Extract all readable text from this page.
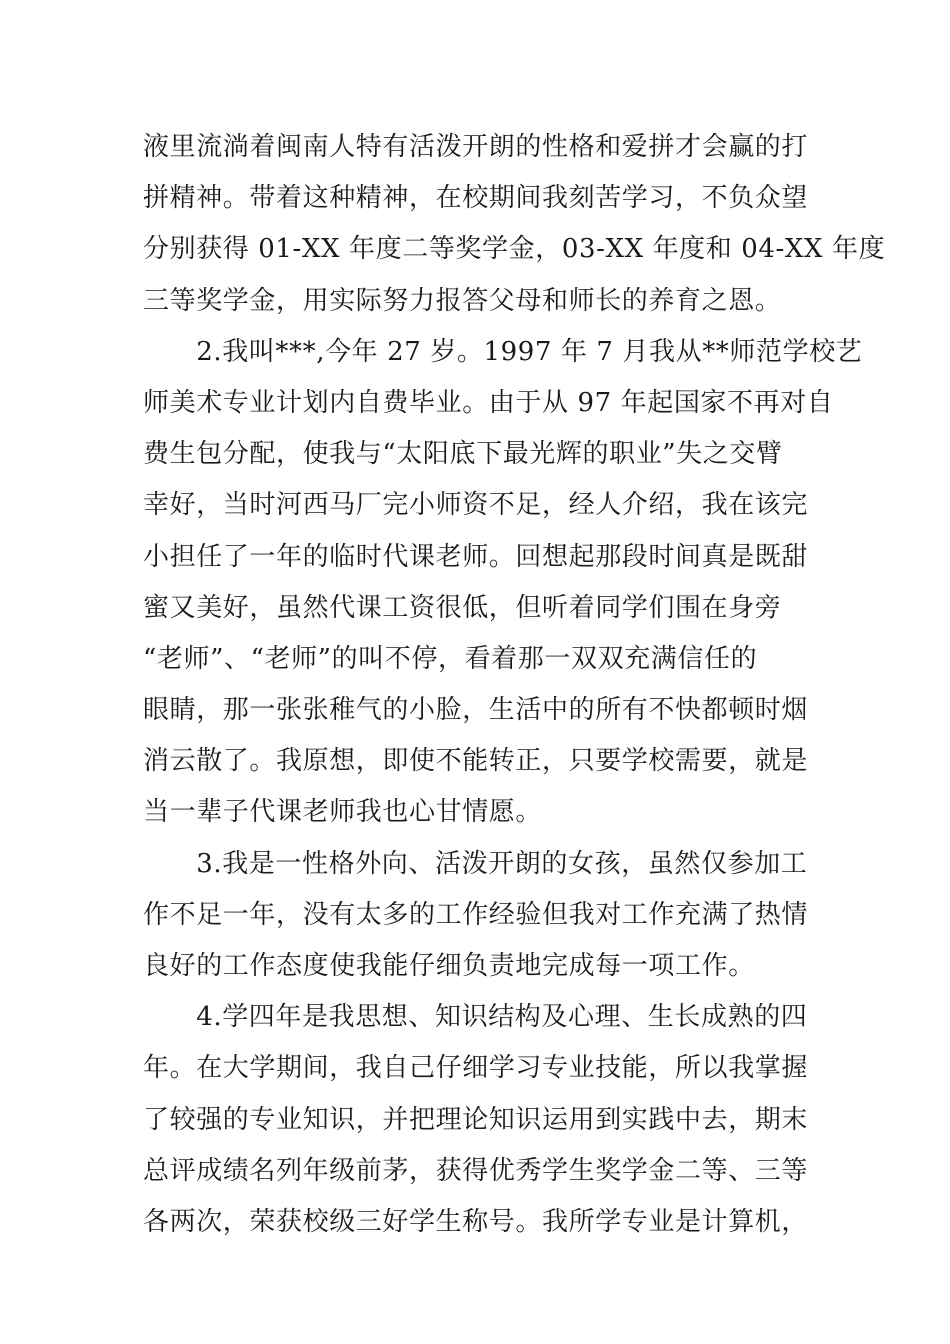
液里流淌着闽南人特有活泼开朗的性格和爱拼才会赢的打
拼精神。带着这种精神，在校期间我刻苦学习，不负众望
分别获得 01-XX 年度二等奖学金，03-XX 年度和 04-XX 年度
三等奖学金，用实际努力报答父母和师长的养育之恩。
　　2.我叫***,今年 27 岁。1997 年 7 月我从**师范学校艺
师美术专业计划内自费毕业。由于从 97 年起国家不再对自
费生包分配，使我与“太阳底下最光辉的职业”失之交臂
幸好，当时河西马厂完小师资不足，经人介绍，我在该完
小担任了一年的临时代课老师。回想起那段时间真是既甜
蜜又美好，虽然代课工资很低，但听着同学们围在身旁
“老师”、“老师”的叫不停，看着那一双双充满信任的
眼睛，那一张张稚气的小脸，生活中的所有不快都顿时烟
消云散了。我原想，即使不能转正，只要学校需要，就是
当一辈子代课老师我也心甘情愿。
　　3.我是一性格外向、活泼开朗的女孩，虽然仅参加工
作不足一年，没有太多的工作经验但我对工作充满了热情
良好的工作态度使我能仔细负责地完成每一项工作。
　　4.学四年是我思想、知识结构及心理、生长成熟的四
年。在大学期间，我自己仔细学习专业技能，所以我掌握
了较强的专业知识，并把理论知识运用到实践中去，期末
总评成绩名列年级前茅，获得优秀学生奖学金二等、三等
各两次，荣获校级三好学生称号。我所学专业是计算机，
